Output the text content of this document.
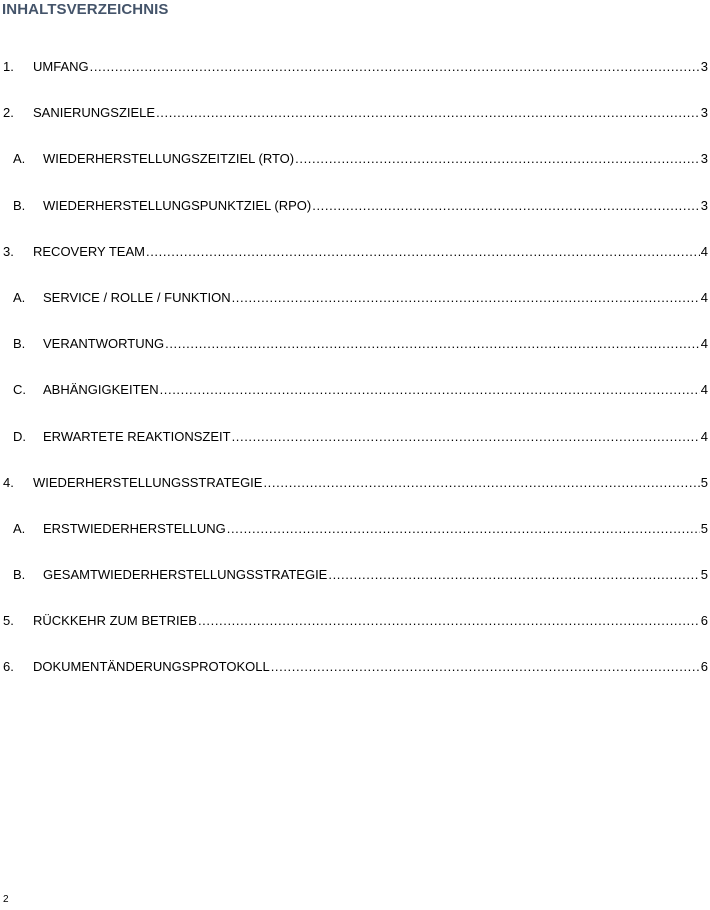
INHALTSVERZEICHNIS
1.	UMFANG .....	3
2.	SANIERUNGSZIELE .....	3
A.	WIEDERHERSTELLUNGSZEITZIEL (RTO) .....	3
B.	WIEDERHERSTELLUNGSPUNKTZIEL (RPO) .....	3
3.	RECOVERY TEAM .....	4
A.	SERVICE / ROLLE / FUNKTION .....	4
B.	VERANTWORTUNG .....	4
C.	ABHÄNGIGKEITEN .....	4
D.	ERWARTETE REAKTIONSZEIT .....	4
4.	WIEDERHERSTELLUNGSSTRATEGIE .....	5
A.	ERSTWIEDERHERSTELLUNG .....	5
B.	GESAMTWIEDERHERSTELLUNGSSTRATEGIE .....	5
5.	RÜCKKEHR ZUM BETRIEB .....	6
6.	DOKUMENTÄNDERUNGSPROTOKOLL .....	6
2
